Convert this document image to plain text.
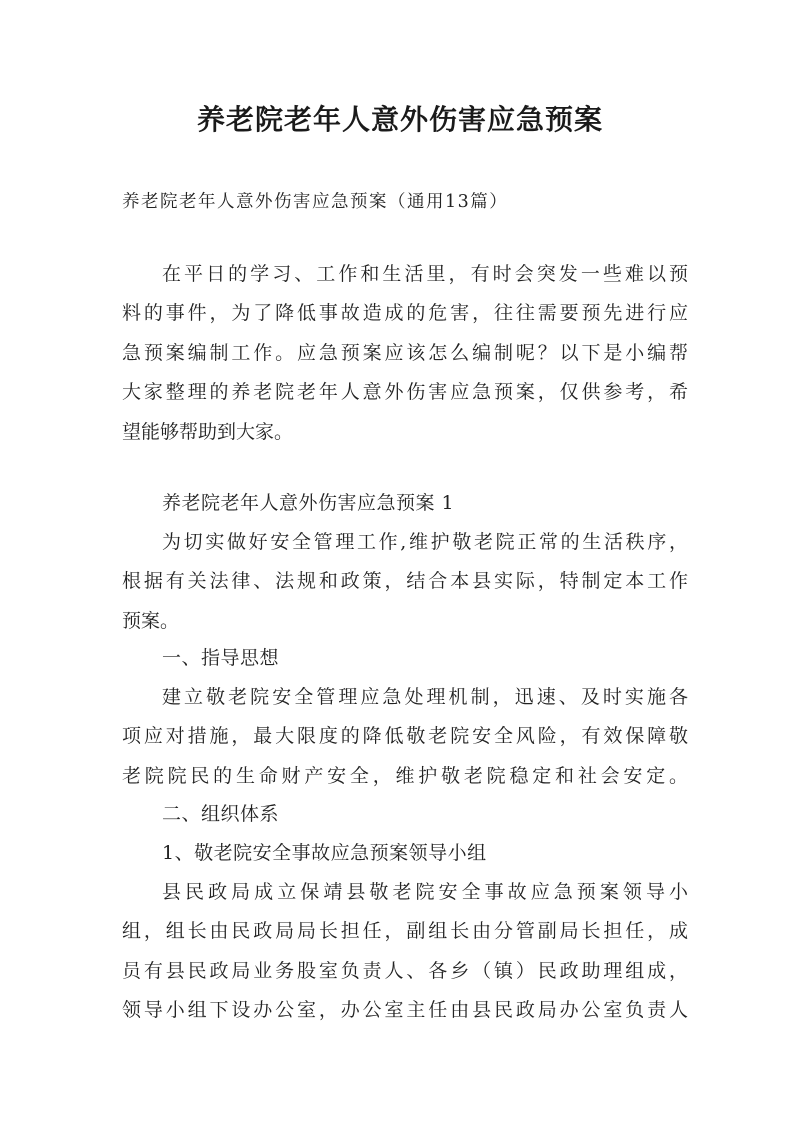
养老院老年人意外伤害应急预案
养老院老年人意外伤害应急预案（通用13篇）
在平日的学习、工作和生活里，有时会突发一些难以预
料的事件，为了降低事故造成的危害，往往需要预先进行应
急预案编制工作。应急预案应该怎么编制呢？以下是小编帮
大家整理的养老院老年人意外伤害应急预案，仅供参考，希
望能够帮助到大家。
养老院老年人意外伤害应急预案 1
为切实做好安全管理工作,维护敬老院正常的生活秩序，
根据有关法律、法规和政策，结合本县实际，特制定本工作
预案。
一、指导思想
建立敬老院安全管理应急处理机制，迅速、及时实施各
项应对措施，最大限度的降低敬老院安全风险，有效保障敬
老院院民的生命财产安全，维护敬老院稳定和社会安定。
二、组织体系
1、敬老院安全事故应急预案领导小组
县民政局成立保靖县敬老院安全事故应急预案领导小
组，组长由民政局局长担任，副组长由分管副局长担任，成
员有县民政局业务股室负责人、各乡（镇）民政助理组成，
领导小组下设办公室，办公室主任由县民政局办公室负责人
